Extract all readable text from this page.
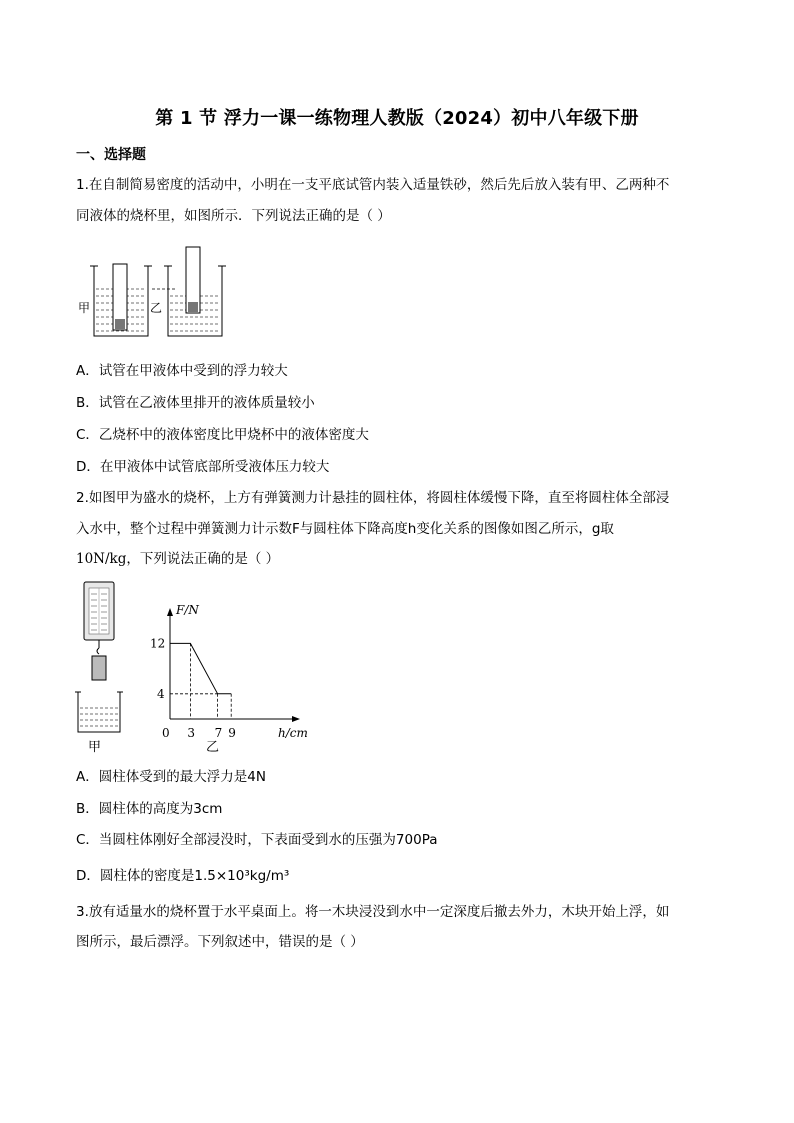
第 1 节 浮力一课一练物理人教版（2024）初中八年级下册
一、选择题
1.在自制简易密度的活动中，小明在一支平底试管内装入适量铁砂，然后先后放入装有甲、乙两种不
同液体的烧杯里，如图所示．下列说法正确的是（ ）
甲	乙
A．试管在甲液体中受到的浮力较大
B．试管在乙液体里排开的液体质量较小
C．乙烧杯中的液体密度比甲烧杯中的液体密度大
D．在甲液体中试管底部所受液体压力较大
2.如图甲为盛水的烧杯，上方有弹簧测力计悬挂的圆柱体，将圆柱体缓慢下降，直至将圆柱体全部浸
入水中，整个过程中弹簧测力计示数F与圆柱体下降高度h变化关系的图像如图乙所示，g取
10N/kg，下列说法正确的是（ ）
甲
F/N
h/cm
0 3 7 9
12
4
乙
A．圆柱体受到的最大浮力是4N
B．圆柱体的高度为3cm
C．当圆柱体刚好全部浸没时，下表面受到水的压强为700Pa
D．圆柱体的密度是1.5×10³kg/m³
3.放有适量水的烧杯置于水平桌面上。将一木块浸没到水中一定深度后撤去外力，木块开始上浮，如
图所示，最后漂浮。下列叙述中，错误的是（ ）
